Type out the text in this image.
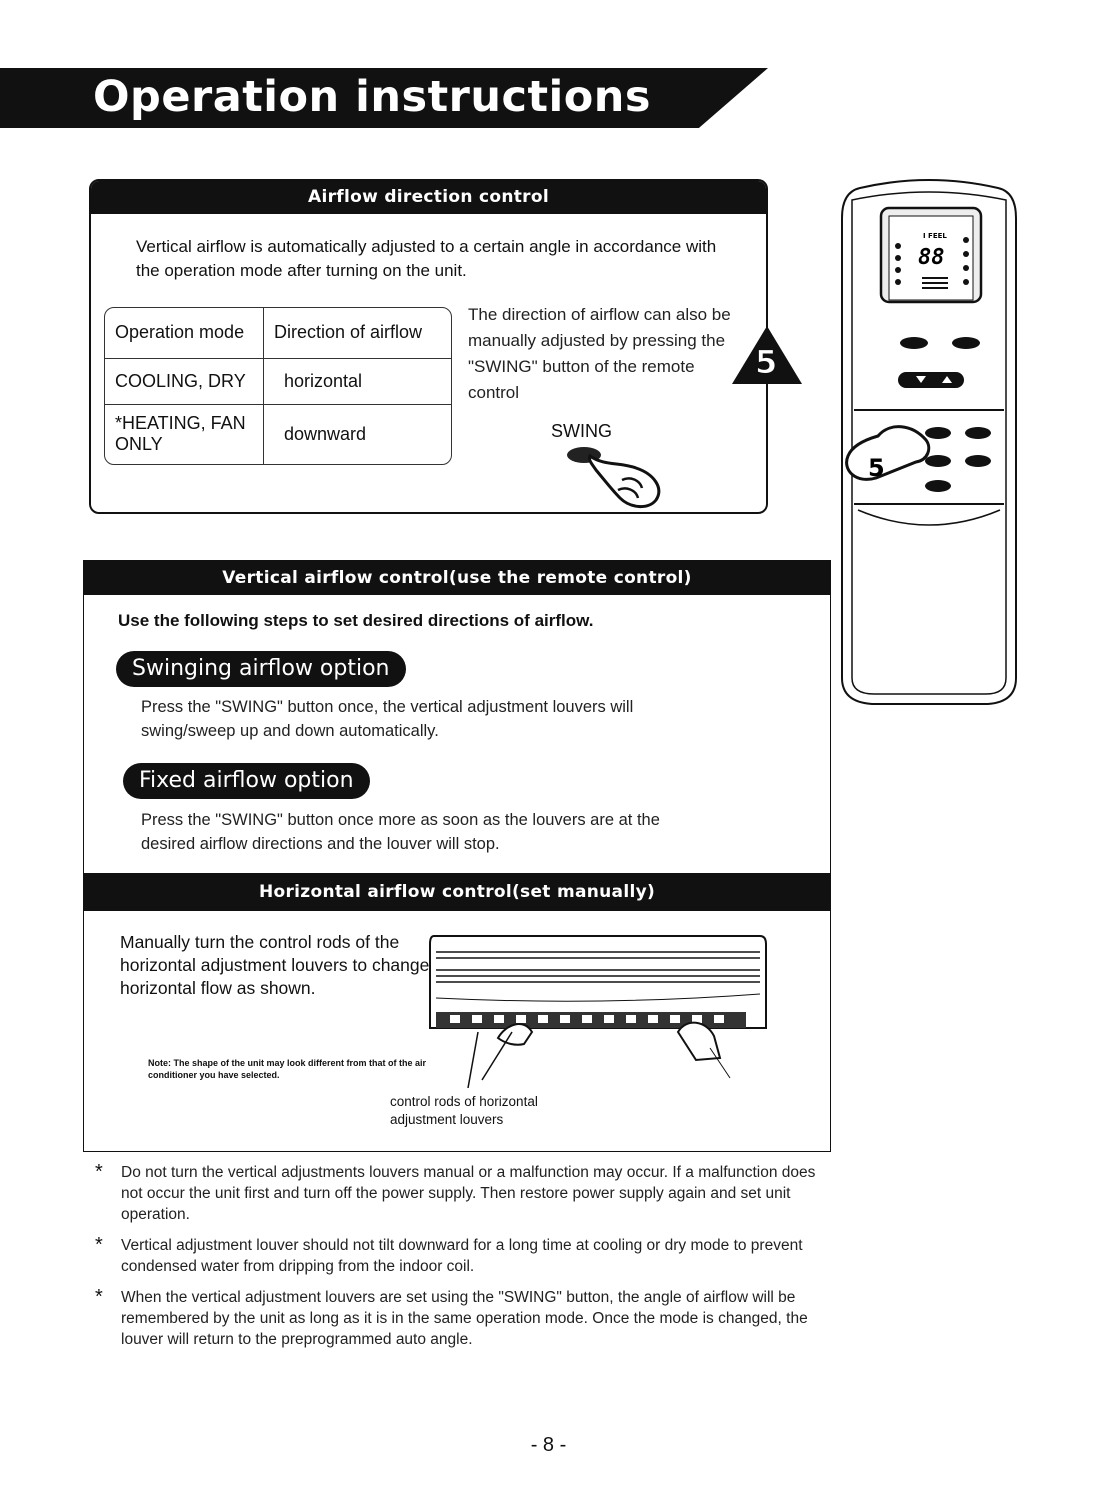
Operation instructions
Airflow direction control
Vertical airflow is automatically adjusted to a certain angle in accordance with the operation mode after turning on the unit.
Operation mode	Direction of airflow
COOLING, DRY	horizontal
*HEATING, FAN ONLY	downward
The direction of airflow can also be manually adjusted by pressing the "SWING" button of the remote control
SWING
5
I FEEL
88
5
Vertical airflow control(use the remote control)
Use the following steps to set desired directions of airflow.
Swinging airflow option
Press the "SWING" button once, the vertical adjustment louvers will swing/sweep up and down automatically.
Fixed airflow option
Press the "SWING" button once more as soon as the louvers are at the desired airflow directions and the louver will stop.
Horizontal airflow control(set manually)
Manually turn the control rods of the horizontal adjustment louvers to change horizontal flow as shown.
Note: The shape of the unit may look different from that of the air conditioner you have selected.
control rods of horizontal adjustment louvers
*	Do not turn the vertical adjustments louvers manual or a malfunction may occur. If a malfunction does not occur the unit first and turn off the power supply. Then restore power supply again and set unit operation.
*	Vertical adjustment louver should not tilt downward for a long time at cooling or dry mode to prevent condensed water from dripping from the indoor coil.
*	When the vertical adjustment louvers are set using the "SWING" button, the angle of airflow will be remembered by the unit as long as it is in the same operation mode. Once the mode is changed, the louver will return to the preprogrammed auto angle.
- 8 -
